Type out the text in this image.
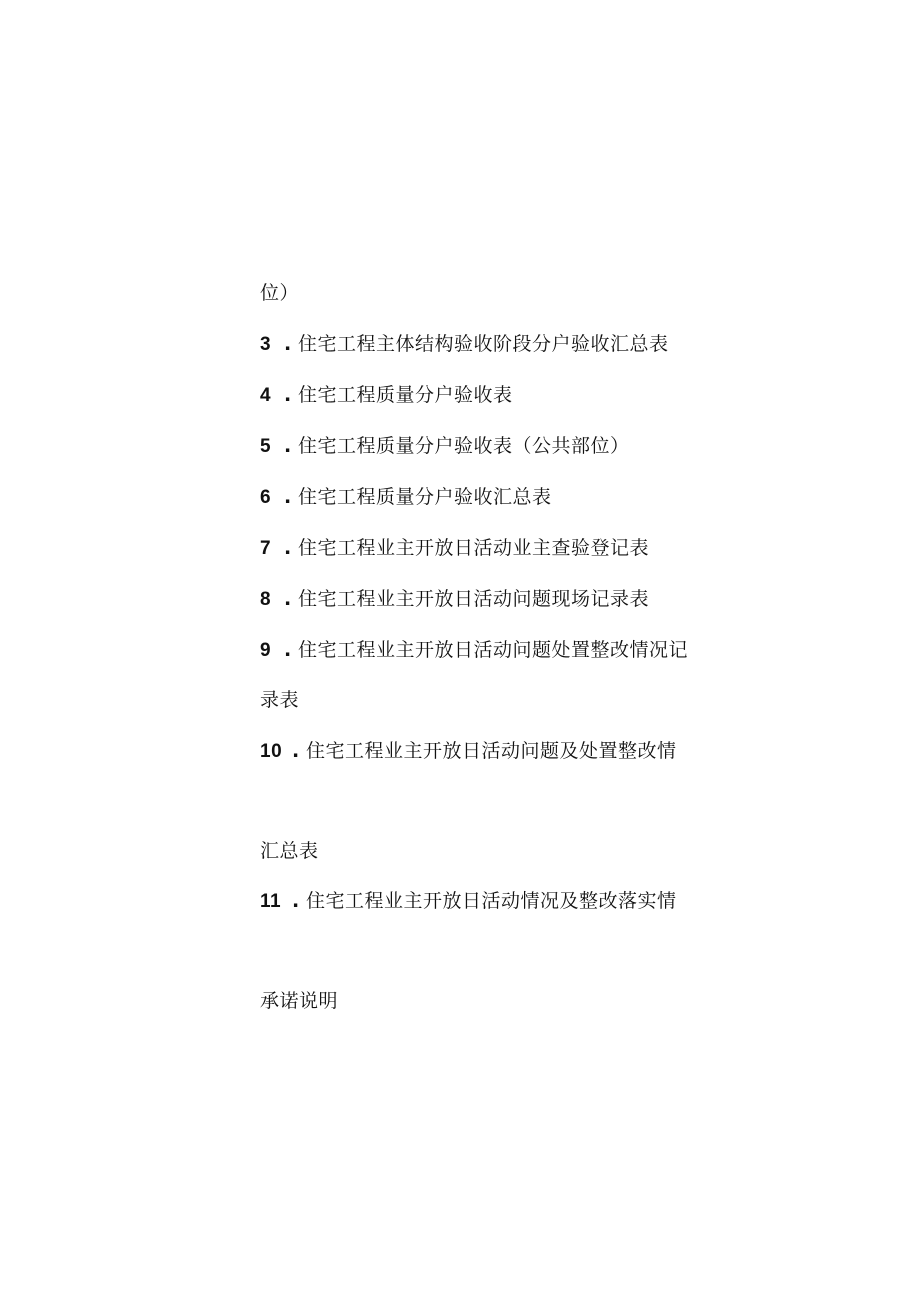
位）
3 . 住宅工程主体结构验收阶段分户验收汇总表
4 . 住宅工程质量分户验收表
5 . 住宅工程质量分户验收表（公共部位）
6 . 住宅工程质量分户验收汇总表
7 . 住宅工程业主开放日活动业主查验登记表
8 . 住宅工程业主开放日活动问题现场记录表
9 . 住宅工程业主开放日活动问题处置整改情况记
录表
10 . 住宅工程业主开放日活动问题及处置整改情
汇总表
11 . 住宅工程业主开放日活动情况及整改落实情
承诺说明
